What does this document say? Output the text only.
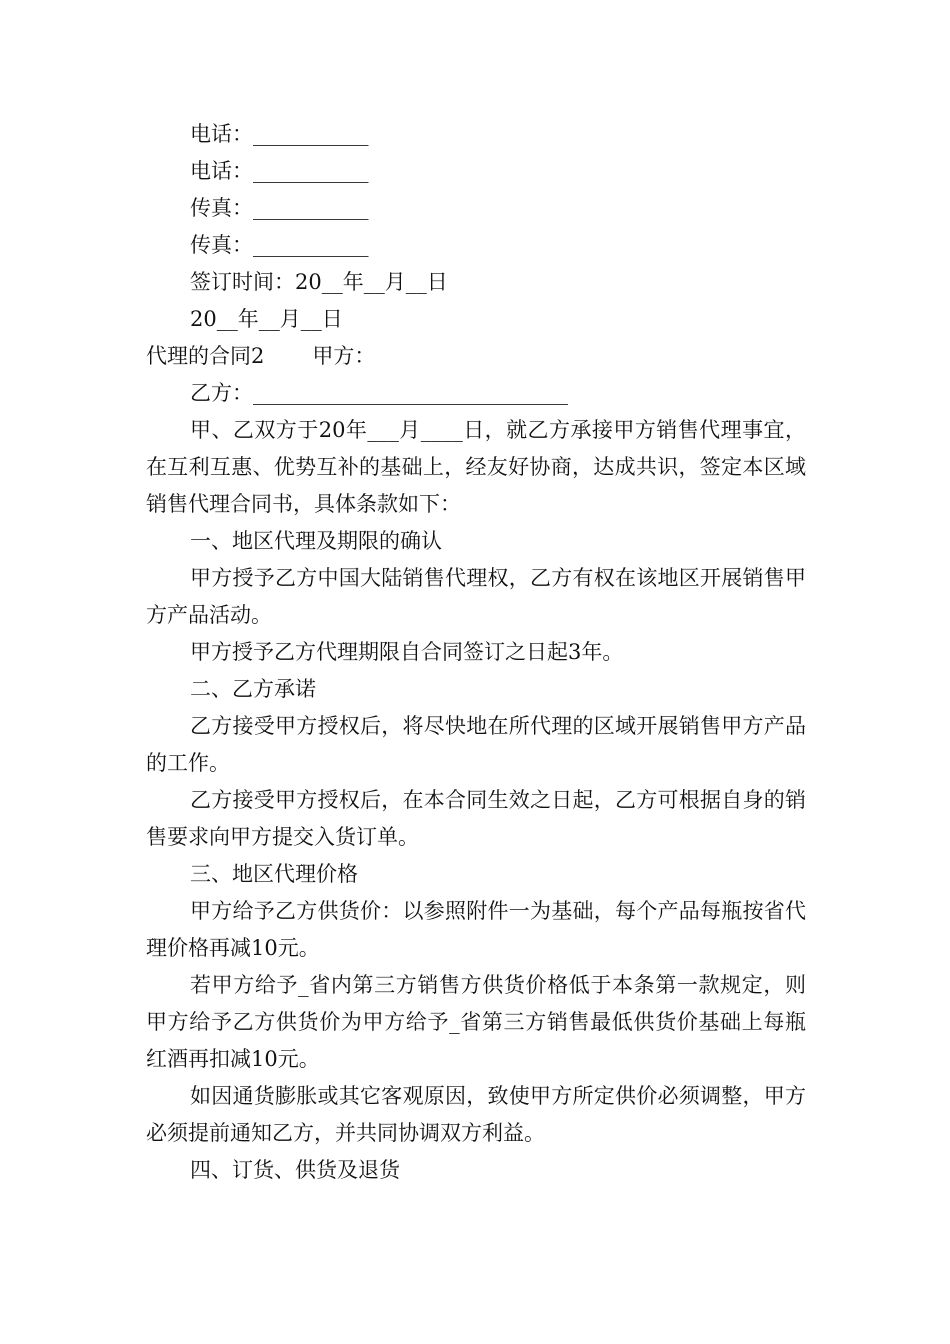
电话：___________

电话：___________

传真：___________

传真：___________

签订时间：20__年__月__日

20__年__月__日

代理的合同2 甲方：

乙方：______________________________

甲、乙双方于20年___月____日，就乙方承接甲方销售代理事宜，在互利互惠、优势互补的基础上，经友好协商，达成共识，签定本区域销售代理合同书，具体条款如下：

一、地区代理及期限的确认

甲方授予乙方中国大陆销售代理权，乙方有权在该地区开展销售甲方产品活动。

甲方授予乙方代理期限自合同签订之日起3年。

二、乙方承诺

乙方接受甲方授权后，将尽快地在所代理的区域开展销售甲方产品的工作。

乙方接受甲方授权后，在本合同生效之日起，乙方可根据自身的销售要求向甲方提交入货订单。

三、地区代理价格

甲方给予乙方供货价：以参照附件一为基础，每个产品每瓶按省代理价格再减10元。

若甲方给予_省内第三方销售方供货价格低于本条第一款规定，则甲方给予乙方供货价为甲方给予_省第三方销售最低供货价基础上每瓶红酒再扣减10元。

如因通货膨胀或其它客观原因，致使甲方所定供价必须调整，甲方必须提前通知乙方，并共同协调双方利益。

四、订货、供货及退货
